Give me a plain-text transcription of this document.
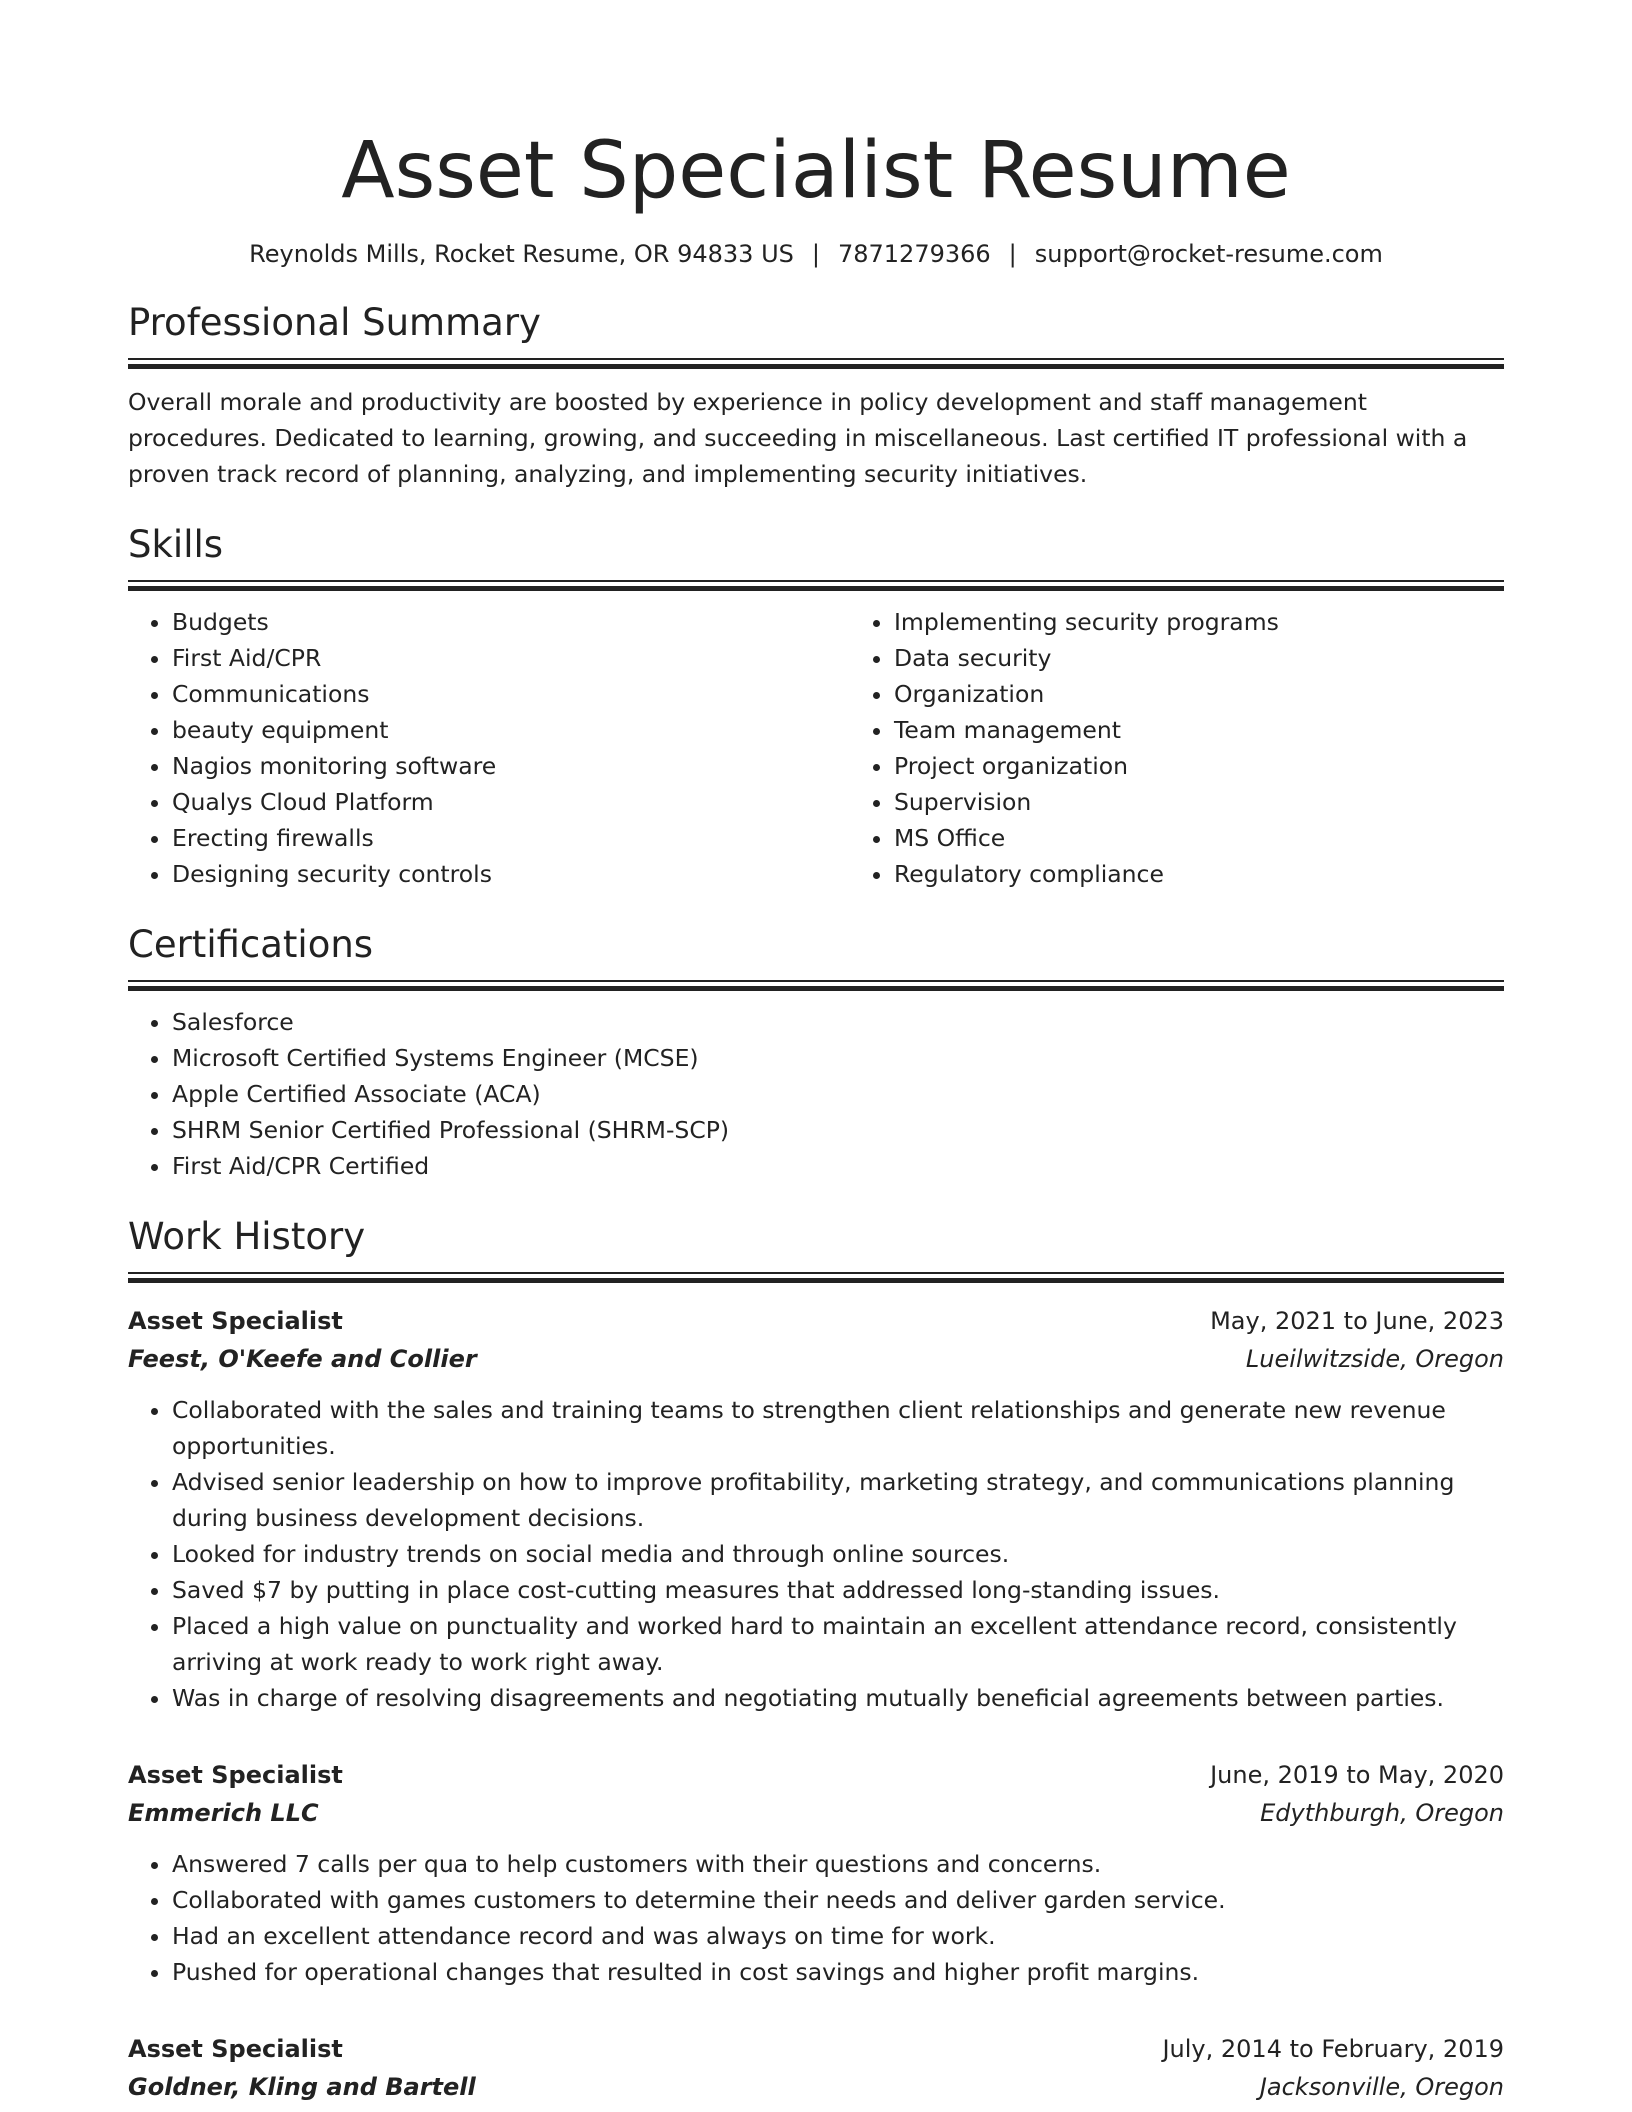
Asset Specialist Resume
Reynolds Mills, Rocket Resume, OR 94833 US | 7871279366 | support@rocket-resume.com
Professional Summary
Overall morale and productivity are boosted by experience in policy development and staff management procedures. Dedicated to learning, growing, and succeeding in miscellaneous. Last certified IT professional with a proven track record of planning, analyzing, and implementing security initiatives.
Skills
• Budgets
• First Aid/CPR
• Communications
• beauty equipment
• Nagios monitoring software
• Qualys Cloud Platform
• Erecting firewalls
• Designing security controls
• Implementing security programs
• Data security
• Organization
• Team management
• Project organization
• Supervision
• MS Office
• Regulatory compliance
Certifications
• Salesforce
• Microsoft Certified Systems Engineer (MCSE)
• Apple Certified Associate (ACA)
• SHRM Senior Certified Professional (SHRM-SCP)
• First Aid/CPR Certified
Work History
Asset Specialist	May, 2021 to June, 2023
Feest, O'Keefe and Collier	Lueilwitzside, Oregon
• Collaborated with the sales and training teams to strengthen client relationships and generate new revenue opportunities.
• Advised senior leadership on how to improve profitability, marketing strategy, and communications planning during business development decisions.
• Looked for industry trends on social media and through online sources.
• Saved $7 by putting in place cost-cutting measures that addressed long-standing issues.
• Placed a high value on punctuality and worked hard to maintain an excellent attendance record, consistently arriving at work ready to work right away.
• Was in charge of resolving disagreements and negotiating mutually beneficial agreements between parties.
Asset Specialist	June, 2019 to May, 2020
Emmerich LLC	Edythburgh, Oregon
• Answered 7 calls per qua to help customers with their questions and concerns.
• Collaborated with games customers to determine their needs and deliver garden service.
• Had an excellent attendance record and was always on time for work.
• Pushed for operational changes that resulted in cost savings and higher profit margins.
Asset Specialist	July, 2014 to February, 2019
Goldner, Kling and Bartell	Jacksonville, Oregon
